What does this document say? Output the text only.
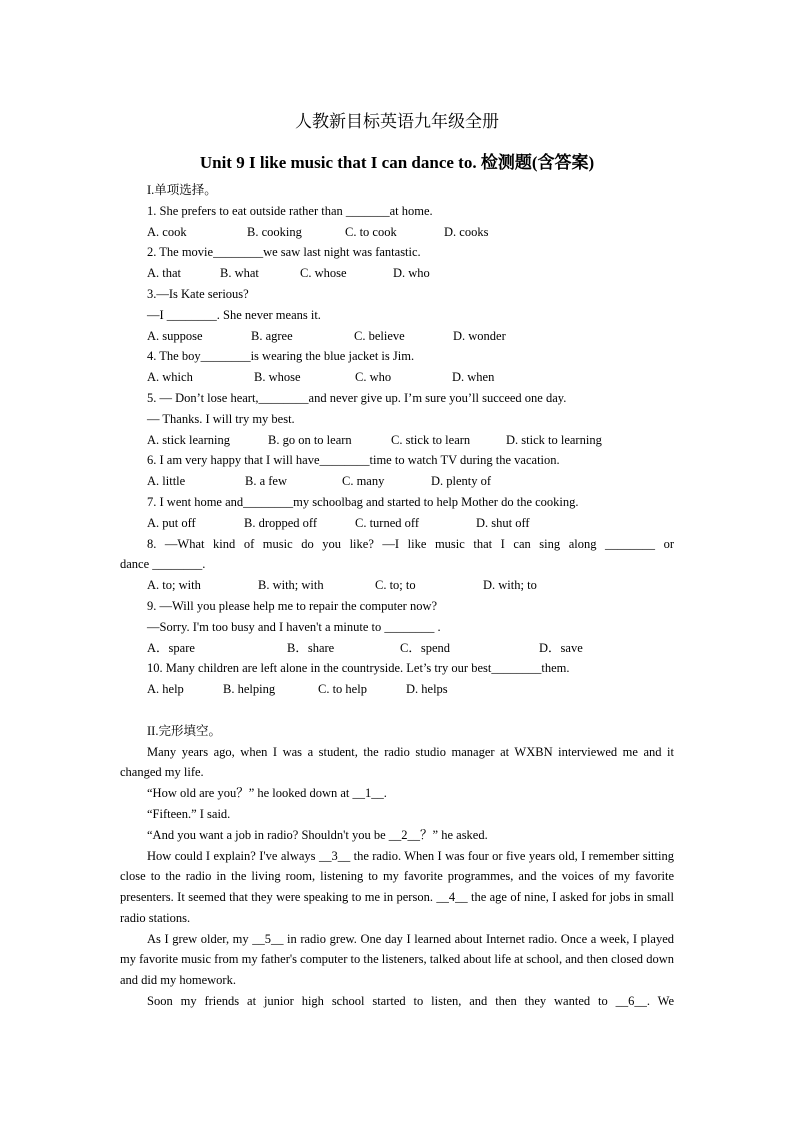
人教新目标英语九年级全册
Unit 9 I like music that I can dance to. 检测题(含答案)
I.单项选择。
1. She prefers to eat outside rather than _______at home.
A. cook	B. cooking	C. to cook	D. cooks
2. The movie________we saw last night was fantastic.
A. that	B. what	C. whose	D. who
3.—Is Kate serious?
—I ________. She never means it.
A. suppose	B. agree	C. believe	D. wonder
4. The boy________is wearing the blue jacket is Jim.
A. which	B. whose	C. who	D. when
5. — Don’t lose heart,________and never give up. I’m sure you’ll succeed one day.
— Thanks. I will try my best.
A. stick learning	B. go on to learn	C. stick to learn	D. stick to learning
6. I am very happy that I will have________time to watch TV during the vacation.
A. little	B. a few	C. many	D. plenty of
7. I went home and________my schoolbag and started to help Mother do the cooking.
A. put off	B. dropped off	C. turned off	D. shut off
8. —What kind of music do you like? —I like music that I can sing along ________ or
dance ________.
A. to; with	B. with; with	C. to; to	D. with; to
9. —Will you please help me to repair the computer now?
—Sorry. I'm too busy and I haven't a minute to ________ .
A．spare	B．share	C．spend	D．save
10. Many children are left alone in the countryside. Let’s try our best________them.
A. help	B. helping	C. to help	D. helps
II.完形填空。
Many years ago, when I was a student, the radio studio manager at WXBN interviewed me and it changed my life.
“How old are you？” he looked down at __1__.
“Fifteen.” I said.
“And you want a job in radio? Shouldn't you be __2__？” he asked.
How could I explain? I've always __3__ the radio. When I was four or five years old, I remember sitting close to the radio in the living room, listening to my favorite programmes, and the voices of my favorite presenters. It seemed that they were speaking to me in person. __4__ the age of nine, I asked for jobs in small radio stations.
As I grew older, my __5__ in radio grew. One day I learned about Internet radio. Once a week, I played my favorite music from my father's computer to the listeners, talked about life at school, and then closed down and did my homework.
Soon my friends at junior high school started to listen, and then they wanted to __6__. We
